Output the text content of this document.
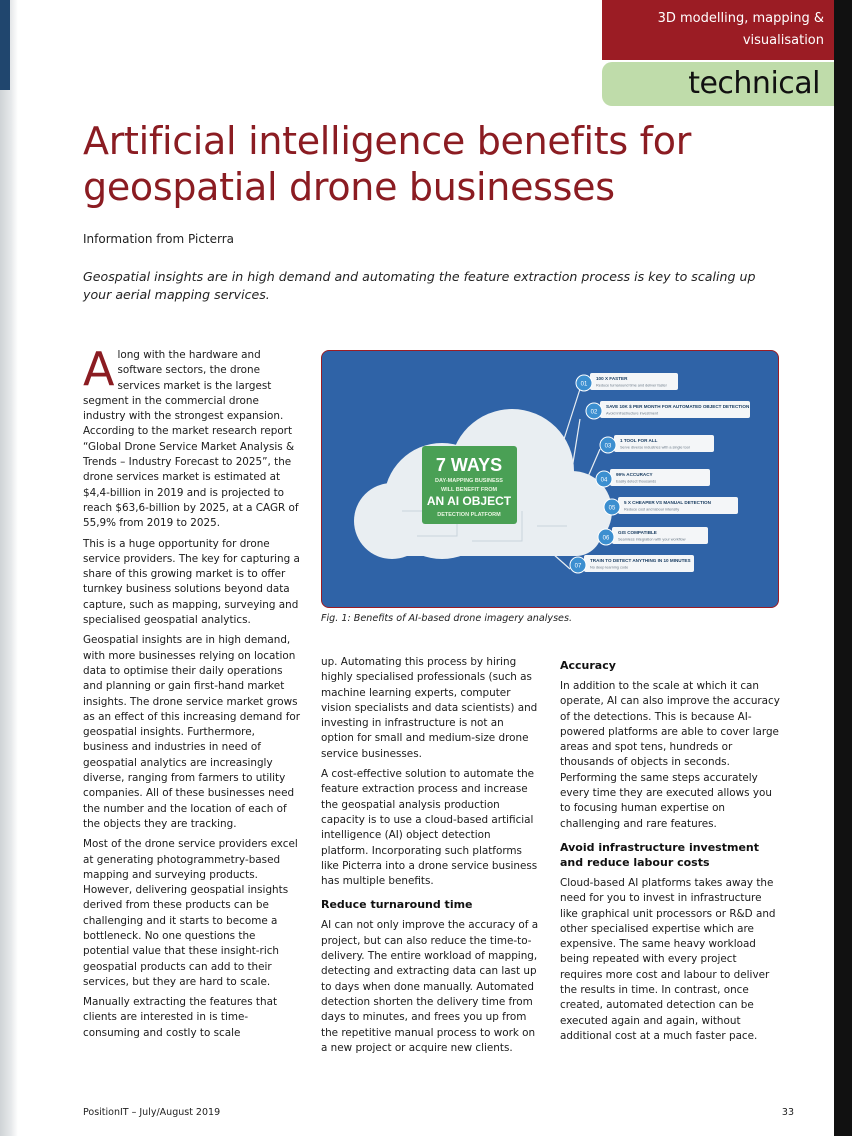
3D modelling, mapping &
visualisation
technical
Artificial intelligence benefits for geospatial drone businesses
Information from Picterra

Geospatial insights are in high demand and automating the feature extraction process is key to scaling up your aerial mapping services.

Along with the hardware and software sectors, the drone services market is the largest segment in the commercial drone industry with the strongest expansion. According to the market research report “Global Drone Service Market Analysis & Trends – Industry Forecast to 2025”, the drone services market is estimated at $4,4-billion in 2019 and is projected to reach $63,6-billion by 2025, at a CAGR of 55,9% from 2019 to 2025.

This is a huge opportunity for drone service providers. The key for capturing a share of this growing market is to offer turnkey business solutions beyond data capture, such as mapping, surveying and specialised geospatial analytics.

Geospatial insights are in high demand, with more businesses relying on location data to optimise their daily operations and planning or gain first-hand market insights. The drone service market grows as an effect of this increasing demand for geospatial insights. Furthermore, business and industries in need of geospatial analytics are increasingly diverse, ranging from farmers to utility companies. All of these businesses need the number and the location of each of the objects they are tracking.

Most of the drone service providers excel at generating photogrammetry-based mapping and surveying products. However, delivering geospatial insights derived from these products can be challenging and it starts to become a bottleneck. No one questions the potential value that these insight-rich geospatial products can add to their services, but they are hard to scale.

Manually extracting the features that clients are interested in is time-consuming and costly to scale

01
100 X FASTER
Reduce turnaround time and deliver faster
02
SAVE 10K $ PER MONTH FOR AUTOMATED OBJECT DETECTION
Avoid infrastructure investment
03
1 TOOL FOR ALL
Serve diverse industries with a single tool
04
99% ACCURACY
Easily detect thousands
05
5 X CHEAPER VS MANUAL DETECTION
Reduce cost and labour intensity
06
GIS COMPATIBLE
Seamless integration with your workflow
07
TRAIN TO DETECT ANYTHING IN 10 MINUTES
No deep learning code
7 WAYS
DAY-MAPPING BUSINESS
WILL BENEFIT FROM
AN AI OBJECT
DETECTION PLATFORM
Fig. 1: Benefits of AI-based drone imagery analyses.

up. Automating this process by hiring highly specialised professionals (such as machine learning experts, computer vision specialists and data scientists) and investing in infrastructure is not an option for small and medium-size drone service businesses.

A cost-effective solution to automate the feature extraction process and increase the geospatial analysis production capacity is to use a cloud-based artificial intelligence (AI) object detection platform. Incorporating such platforms like Picterra into a drone service business has multiple benefits.

Reduce turnaround time

AI can not only improve the accuracy of a project, but can also reduce the time-to-delivery. The entire workload of mapping, detecting and extracting data can last up to days when done manually. Automated detection shorten the delivery time from days to minutes, and frees you up from the repetitive manual process to work on a new project or acquire new clients.

Accuracy

In addition to the scale at which it can operate, AI can also improve the accuracy of the detections. This is because AI-powered platforms are able to cover large areas and spot tens, hundreds or thousands of objects in seconds. Performing the same steps accurately every time they are executed allows you to focusing human expertise on challenging and rare features.

Avoid infrastructure investment and reduce labour costs

Cloud-based AI platforms takes away the need for you to invest in infrastructure like graphical unit processors or R&D and other specialised expertise which are expensive. The same heavy workload being repeated with every project requires more cost and labour to deliver the results in time. In contrast, once created, automated detection can be executed again and again, without additional cost at a much faster pace.

PositionIT – July/August 2019	33
